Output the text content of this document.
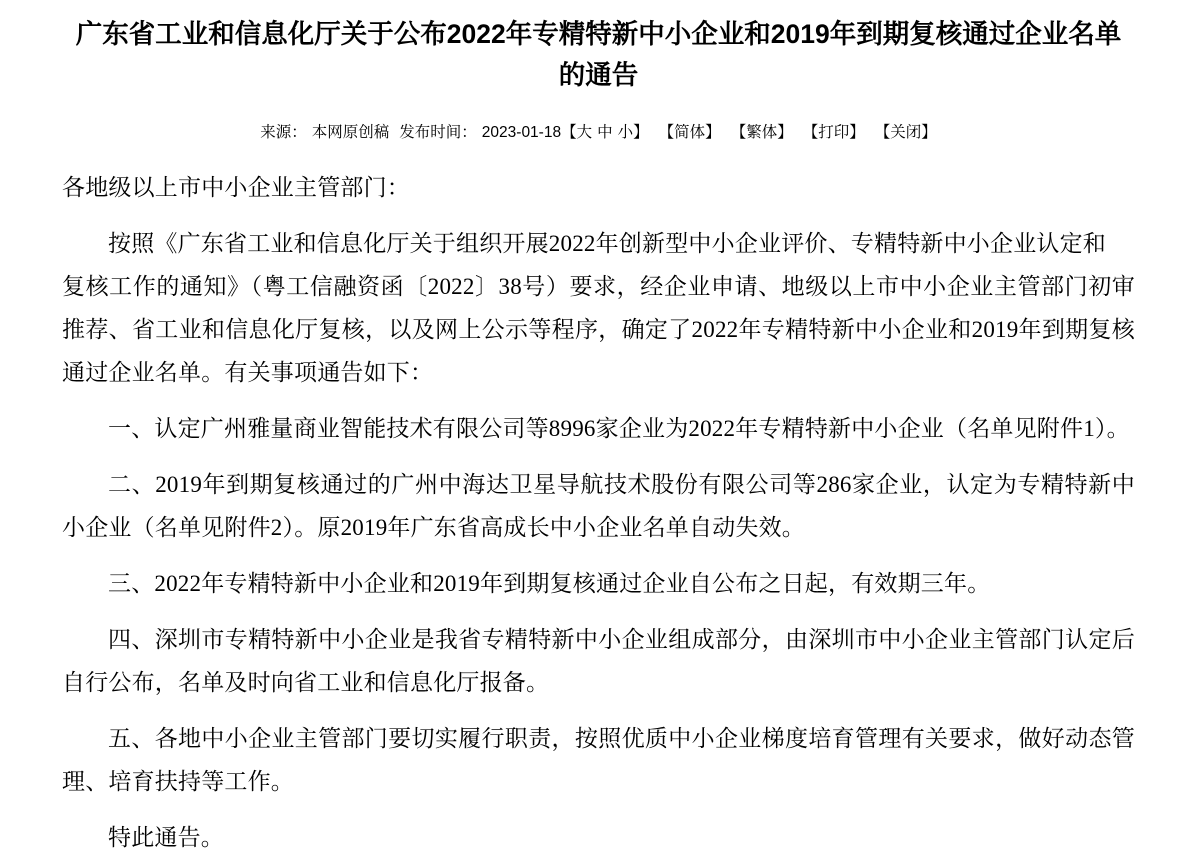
广东省工业和信息化厅关于公布2022年专精特新中小企业和2019年到期复核通过企业名单的通告
来源： 本网原创稿 发布时间： 2023-01-18【大 中 小】 【简体】 【繁体】 【打印】 【关闭】

各地级以上市中小企业主管部门：

按照《广东省工业和信息化厅关于组织开展2022年创新型中小企业评价、专精特新中小企业认定和

复核工作的通知》（粤工信融资函〔2022〕38号）要求，经企业申请、地级以上市中小企业主管部门初审推荐、省工业和信息化厅复核，以及网上公示等程序，确定了2022年专精特新中小企业和2019年到期复核通过企业名单。有关事项通告如下：

一、认定广州雅量商业智能技术有限公司等8996家企业为2022年专精特新中小企业（名单见附件1）。

二、2019年到期复核通过的广州中海达卫星导航技术股份有限公司等286家企业，认定为专精特新中小企业（名单见附件2）。原2019年广东省高成长中小企业名单自动失效。

三、2022年专精特新中小企业和2019年到期复核通过企业自公布之日起，有效期三年。

四、深圳市专精特新中小企业是我省专精特新中小企业组成部分，由深圳市中小企业主管部门认定后自行公布，名单及时向省工业和信息化厅报备。

五、各地中小企业主管部门要切实履行职责，按照优质中小企业梯度培育管理有关要求，做好动态管理、培育扶持等工作。

特此通告。
